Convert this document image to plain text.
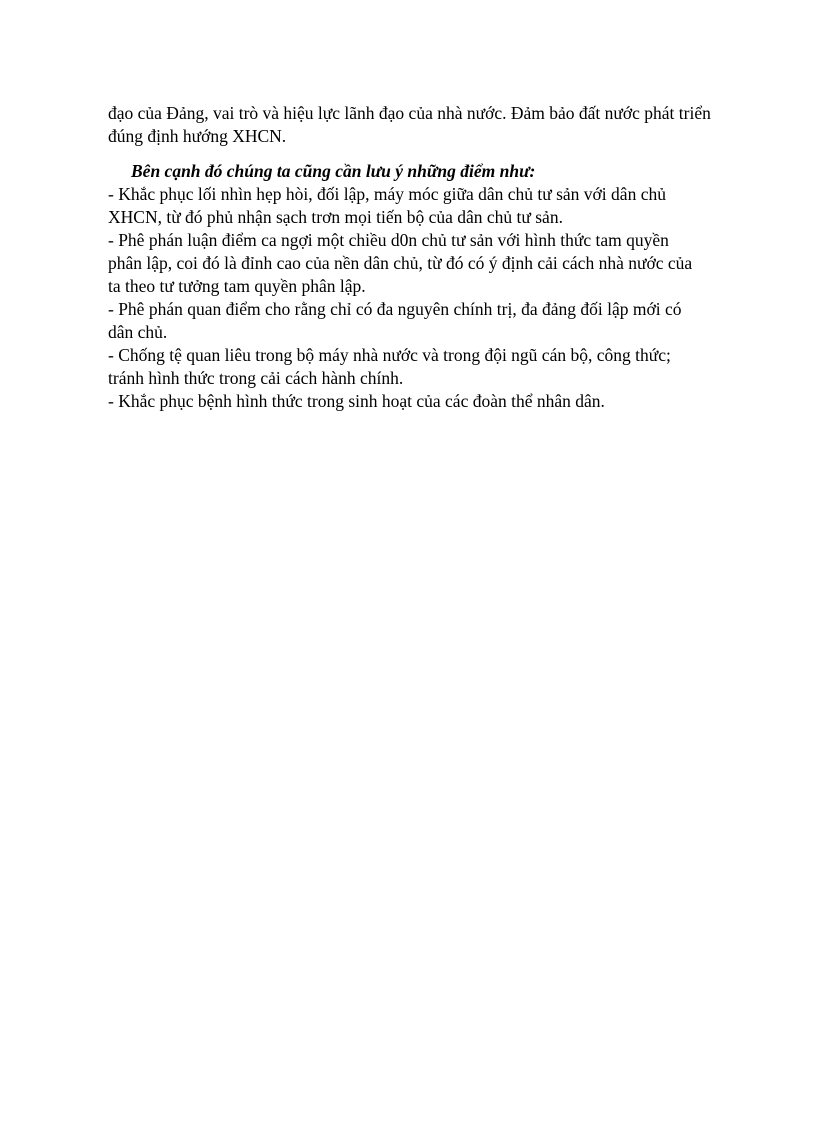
đạo của Đảng, vai trò và hiệu lực lãnh đạo của nhà nước. Đảm bảo đất nước phát triển
đúng định hướng XHCN.

Bên cạnh đó chúng ta cũng cần lưu ý những điểm như:

- Khắc phục lối nhìn hẹp hòi, đối lập, máy móc giữa dân chủ tư sản với dân chủ
XHCN, từ đó phủ nhận sạch trơn mọi tiến bộ của dân chủ tư sản.

- Phê phán luận điểm ca ngợi một chiều d0n chủ tư sản với hình thức tam quyền
phân lập, coi đó là đỉnh cao của nền dân chủ, từ đó có ý định cải cách nhà nước của
ta theo tư tưởng tam quyền phân lập.

- Phê phán quan điểm cho rằng chỉ có đa nguyên chính trị, đa đảng đối lập mới có
dân chủ.

- Chống tệ quan liêu trong bộ máy nhà nước và trong đội ngũ cán bộ, công thức;
tránh hình thức trong cải cách hành chính.

- Khắc phục bệnh hình thức trong sinh hoạt của các đoàn thể nhân dân.
